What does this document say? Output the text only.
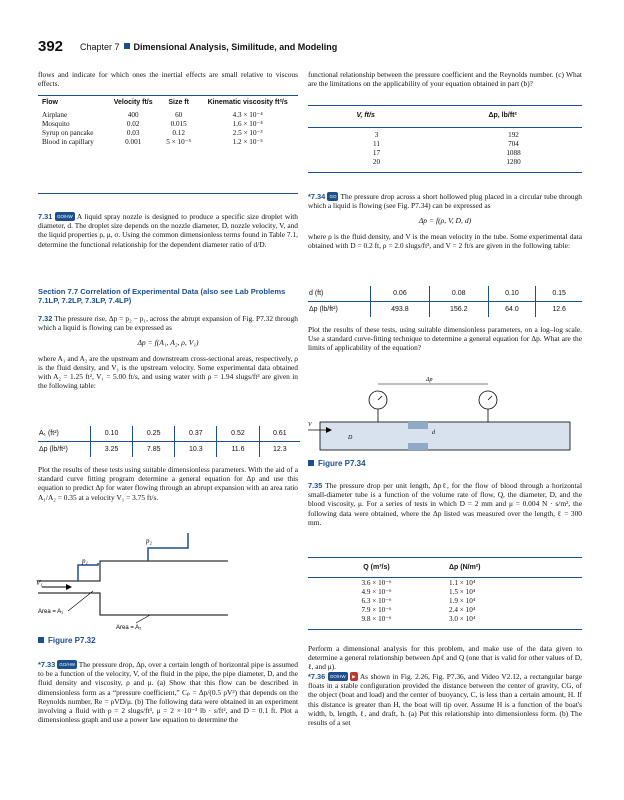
392 Chapter 7 Dimensional Analysis, Similitude, and Modeling

flows and indicate for which ones the inertial effects are small relative to viscous effects.

Flow	Velocity ft/s	Size ft	Kinematic viscosity ft²/s

Airplane	400	60	4.3 × 10⁻⁴
Mosquito	0.02	0.015	1.6 × 10⁻⁴
Syrup on pancake	0.03	0.12	2.5 × 10⁻³
Blood in capillary	0.001	5 × 10⁻⁵	1.2 × 10⁻⁵

7.31 GO/HW A liquid spray nozzle is designed to produce a specific size droplet with diameter, d. The droplet size depends on the nozzle diameter, D, nozzle velocity, V, and the liquid properties ρ, μ, σ. Using the common dimensionless terms found in Table 7.1, determine the functional relationship for the dependent diameter ratio of d/D.

Section 7.7 Correlation of Experimental Data (also see Lab Problems 7.1LP, 7.2LP, 7.3LP, 7.4LP)

7.32 The pressure rise, Δp = p₂ − p₁, across the abrupt expansion of Fig. P7.32 through which a liquid is flowing can be expressed as

Δp = f(A₁, A₂, ρ, V₁)

where A₁ and A₂ are the upstream and downstream cross-sectional areas, respectively, ρ is the fluid density, and V₁ is the upstream velocity. Some experimental data obtained with A₂ = 1.25 ft², V₁ = 5.00 ft/s, and using water with ρ = 1.94 slugs/ft³ are given in the following table:

A₁ (ft²)	0.10	0.25	0.37	0.52	0.61
Δp (lb/ft²)	3.25	7.85	10.3	11.6	12.3

Plot the results of these tests using suitable dimensionless parameters. With the aid of a standard curve fitting program determine a general equation for Δp and use this equation to predict Δp for water flowing through an abrupt expansion with an area ratio A₁/A₂ = 0.35 at a velocity V₁ = 3.75 ft/s.

V₁
p₁
p₂
Area = A₁
Area = A₂
Figure P7.32

*7.33 GO/HW The pressure drop, Δp, over a certain length of horizontal pipe is assumed to be a function of the velocity, V, of the fluid in the pipe, the pipe diameter, D, and the fluid density and viscosity, ρ and μ. (a) Show that this flow can be described in dimensionless form as a “pressure coefficient,” Cₚ = Δp/(0.5 ρV²) that depends on the Reynolds number, Re = ρVD/μ. (b) The following data were obtained in an experiment involving a fluid with ρ = 2 slugs/ft³, μ = 2 × 10⁻³ lb · s/ft², and D = 0.1 ft. Plot a dimensionless graph and use a power law equation to determine the

functional relationship between the pressure coefficient and the Reynolds number. (c) What are the limitations on the applicability of your equation obtained in part (b)?

V, ft/s	Δp, lb/ft²
3	192
11	704
17	1088
20	1280

*7.34 GO The pressure drop across a short hollowed plug placed in a circular tube through which a liquid is flowing (see Fig. P7.34) can be expressed as

Δp = f(ρ, V, D, d)

where ρ is the fluid density, and V is the mean velocity in the tube. Some experimental data obtained with D = 0.2 ft, ρ = 2.0 slugs/ft³, and V = 2 ft/s are given in the following table:

d (ft)	0.06	0.08	0.10	0.15
Δp (lb/ft²)	493.8	156.2	64.0	12.6

Plot the results of these tests, using suitable dimensionless parameters, on a log–log scale. Use a standard curve-fitting technique to determine a general equation for Δp. What are the limits of applicability of the equation?

Δp
V
D
d
Figure P7.34

7.35 The pressure drop per unit length, Δpℓ, for the flow of blood through a horizontal small-diameter tube is a function of the volume rate of flow, Q, the diameter, D, and the blood viscosity, μ. For a series of tests in which D = 2 mm and μ = 0.004 N · s/m², the following data were obtained, where the Δp listed was measured over the length, ℓ = 300 mm.

Q (m³/s)	Δp (N/m²)
3.6 × 10⁻⁶	1.1 × 10⁴
4.9 × 10⁻⁶	1.5 × 10⁴
6.3 × 10⁻⁶	1.9 × 10⁴
7.9 × 10⁻⁶	2.4 × 10⁴
9.8 × 10⁻⁶	3.0 × 10⁴

Perform a dimensional analysis for this problem, and make use of the data given to determine a general relationship between Δpℓ and Q (one that is valid for other values of D, ℓ, and μ).

*7.36 GO/HW ▶ As shown in Fig. 2.26, Fig. P7.36, and Video V2.12, a rectangular barge floats in a stable configuration provided the distance between the center of gravity, CG, of the object (boat and load) and the center of buoyancy, C, is less than a certain amount, H. If this distance is greater than H, the boat will tip over. Assume H is a function of the boat's width, b, length, ℓ, and draft, h. (a) Put this relationship into dimensionless form. (b) The results of a set
